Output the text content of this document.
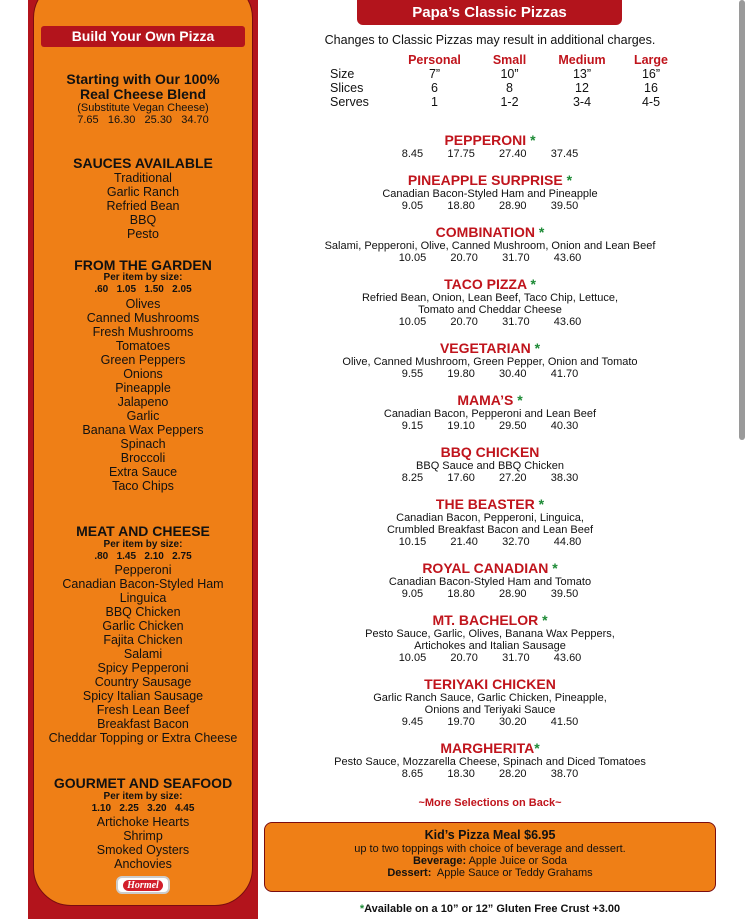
Build Your Own Pizza

Starting with Our 100%

Real Cheese Blend

(Substitute Vegan Cheese)

7.65   16.30   25.30   34.70

SAUCES AVAILABLE

Traditional
Garlic Ranch
Refried Bean
BBQ
Pesto

FROM THE GARDEN

Per item by size:

.60   1.05   1.50   2.05

Olives
Canned Mushrooms
Fresh Mushrooms
Tomatoes
Green Peppers
Onions
Pineapple
Jalapeno
Garlic
Banana Wax Peppers
Spinach
Broccoli
Extra Sauce
Taco Chips

MEAT AND CHEESE

Per item by size:

.80   1.45   2.10   2.75

Pepperoni
Canadian Bacon-Styled Ham
Linguica
BBQ Chicken
Garlic Chicken
Fajita Chicken
Salami
Spicy Pepperoni
Country Sausage
Spicy Italian Sausage
Fresh Lean Beef
Breakfast Bacon
Cheddar Topping or Extra Cheese

GOURMET AND SEAFOOD

Per item by size:

1.10   2.25   3.20   4.45

Artichoke Hearts
Shrimp
Smoked Oysters
Anchovies
Hormel
Papa’s Classic Pizzas

Changes to Classic Pizzas may result in additional charges.

	Personal	Small	Medium	Large
Size	7”	10”	13”	16”
Slices	6	8	12	16
Serves	1	1-2	3-4	4-5
PEPPERONI *
8.45   17.75   27.40   37.45
PINEAPPLE SURPRISE *
Canadian Bacon-Styled Ham and Pineapple
9.05   18.80   28.90   39.50
COMBINATION *
Salami, Pepperoni, Olive, Canned Mushroom, Onion and Lean Beef
10.05   20.70   31.70   43.60
TACO PIZZA *
Refried Bean, Onion, Lean Beef, Taco Chip, Lettuce,
Tomato and Cheddar Cheese
10.05   20.70   31.70   43.60
VEGETARIAN *
Olive, Canned Mushroom, Green Pepper, Onion and Tomato
9.55   19.80   30.40   41.70
MAMA’S *
Canadian Bacon, Pepperoni and Lean Beef
9.15   19.10   29.50   40.30
BBQ CHICKEN
BBQ Sauce and BBQ Chicken
8.25   17.60   27.20   38.30
THE BEASTER *
Canadian Bacon, Pepperoni, Linguica,
Crumbled Breakfast Bacon and Lean Beef
10.15   21.40   32.70   44.80
ROYAL CANADIAN *
Canadian Bacon-Styled Ham and Tomato
9.05   18.80   28.90   39.50
MT. BACHELOR *
Pesto Sauce, Garlic, Olives, Banana Wax Peppers,
Artichokes and Italian Sausage
10.05   20.70   31.70   43.60
TERIYAKI CHICKEN
Garlic Ranch Sauce, Garlic Chicken, Pineapple,
Onions and Teriyaki Sauce
9.45   19.70   30.20   41.50
MARGHERITA*
Pesto Sauce, Mozzarella Cheese, Spinach and Diced Tomatoes
8.65   18.30   28.20   38.70

~More Selections on Back~

Kid’s Pizza Meal $6.95
up to two toppings with choice of beverage and dessert.
Beverage: Apple Juice or Soda
Dessert:  Apple Sauce or Teddy Grahams

*Available on a 10” or 12” Gluten Free Crust +3.00
